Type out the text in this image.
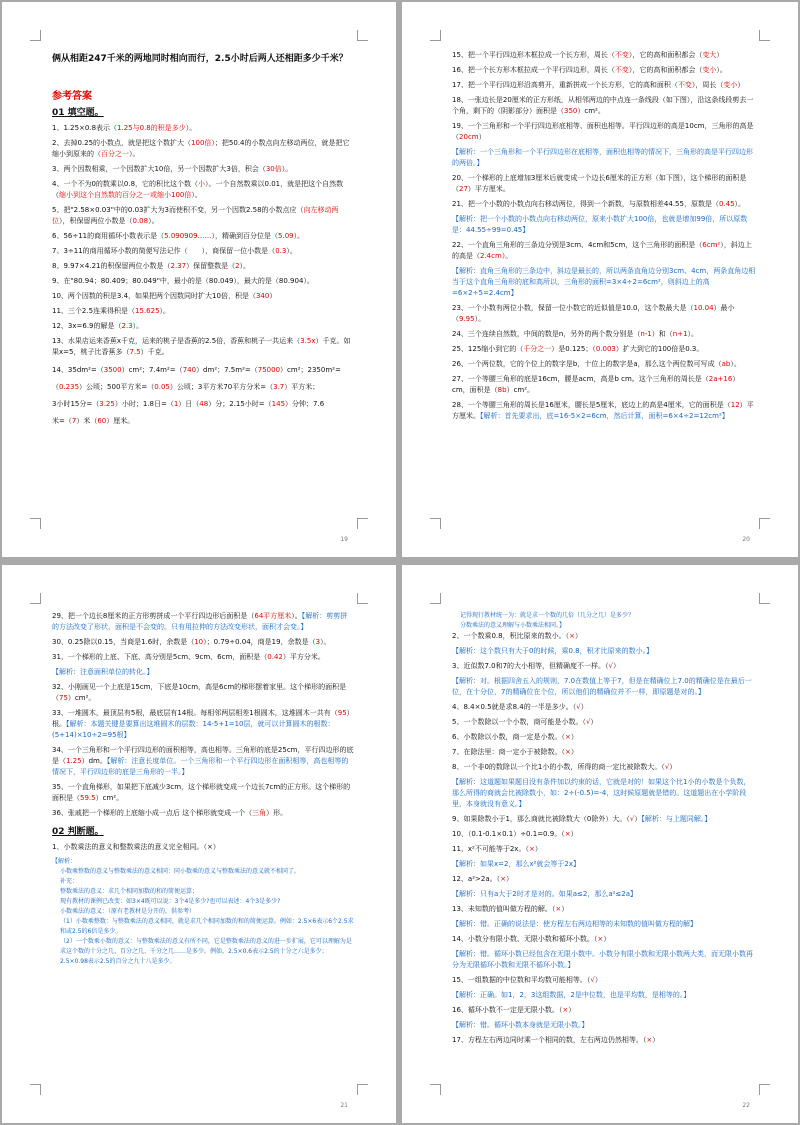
俩从相距247千米的两地同时相向而行，2.5小时后两人还相距多少千米？
参考答案
01 填空题。
1、1.25×0.8表示（1.25与0.8的积是多少）。
2、去掉0.25的小数点，就是把这个数扩大（100倍）；把50.4的小数点向左移动两位，就是把它缩小到原来的（百分之一）。
3、两个因数相乘，一个因数扩大10倍，另一个因数扩大3倍，积会（30倍）。
4、一个不为0的数乘以0.8，它的积比这个数（小）。一个自然数乘以0.01，就是把这个自然数（缩小到这个自然数的百分之一或缩小100倍）。
5、把"2.58×0.03"中的0.03扩大为3而使积不变，另一个因数2.58的小数点应（向左移动两位），积保留两位小数是（0.08）。
6、56÷11的商用循环小数表示是（5.090909……），精确到百分位是（5.09）。
7、3÷11的商用循环小数的简便写法记作（　　），商保留一位小数是（0.3）。
8、9.97×4.21的积保留两位小数是（2.37）保留整数是（2）。
9、在"80.94；80.409；80.049"中，最小的是（80.049），最大的是（80.904）。
10、两个因数的积是3.4，如果把两个因数同时扩大10倍，积是（340）
11、三个2.5连乘得积是（15.625）。
12、3x=6.9的解是（2.3）。
13、水果店运来香蕉x千克，运来的桃子是香蕉的2.5倍，香蕉和桃子一共运来（3.5x）千克。如果x=5，桃子比香蕉多（7.5）千克。
14、35dm²=（3500）cm²；7.4m²=（740）dm²；7.5m²=（75000）cm²；2350m²=
（0.235）公顷；500平方米=（0.05）公顷；3平方米70平方分米=（3.7）平方米；
3小时15分=（3.25）小时；1.8日=（1）日（48）分；2.15小时=（145）分钟；7.6
米=（7）米（60）厘米。
19
15、把一个平行四边形木框拉成一个长方形，周长（不变），它的高和面积都会（变大）
16、把一个长方形木框拉成一个平行四边形，周长（不变），它的高和面积都会（变小）。
17、把一个平行四边形沿高剪开，重新拼成一个长方形，它的高和面积（不变），周长（变小）
18、一张边长是20厘米的正方形纸，从相邻两边的中点连一条线段（如下图），沿这条线段剪去一个角，剩下的（阴影部分）面积是（350）cm²。
19、一个三角形和一个平行四边形底相等、面积也相等。平行四边形的高是10cm，三角形的高是（20cm）
【解析：一个三角形和一个平行四边形在底相等，面积也相等的情况下，三角形的高是平行四边形的两倍。】
20、一个梯形的上底增加3厘米后就变成一个边长6厘米的正方形（如下图），这个梯形的面积是（27）平方厘米。
21、把一个小数的小数点向右移动两位，得到一个新数，与原数相差44.55，原数是（0.45）。
【解析：把一个小数的小数点向右移动两位，原来小数扩大100倍，也就是增加99倍，所以原数是：44.55÷99=0.45】
22、一个直角三角形的三条边分别是3cm、4cm和5cm，这个三角形的面积是（6cm²），斜边上的高是（2.4cm）。
【解析：直角三角形的三条边中，斜边是最长的，所以两条直角边分别3cm、4cm，两条直角边相当于这个直角三角形的底和高所以，三角形的面积=3×4÷2=6cm²，则斜边上的高=6×2÷5=2.4cm】
23、一个小数有两位小数，保留一位小数它的近似值是10.0，这个数最大是（10.04）最小（9.95）。
24、三个连续自然数，中间的数是n，另外的两个数分别是（n-1）和（n+1）。
25、125缩小到它的（千分之一）是0.125；（0.003）扩大到它的100倍是0.3。
26、一个两位数，它的个位上的数字是b，十位上的数字是a，那么这个两位数可写成（ab）。
27、一个等腰三角形的底是16cm，腰是acm，高是b cm。这个三角形的周长是（2a+16）cm，面积是（8b）cm²。
28、一个等腰三角形的周长是16厘米，腰长是5厘米，底边上的高是4厘米，它的面积是（12）平方厘米。【解析：首先要求出，底=16-5×2=6cm，然后计算，面积=6×4÷2=12cm²】
20
29、把一个边长8厘米的正方形剪拼成一个平行四边形后面积是（64平方厘米）。【解析：剪剪拼的方法改变了形状，面积是不会变的。只有用拉伸的方法改变形状，面积才会变。】
30、0.25除以0.15，当商是1.6时，余数是（10）；0.79÷0.04，商是19，余数是（3）。
31、一个梯形的上底、下底、高分别是5cm、9cm、6cm，面积是（0.42）平方分米。
【解析：注意面积单位的转化。】
32、小刚画见一个上底是15cm，下底是10cm，高是6cm的梯形摆着家里。这个梯形的面积是（75）cm²。
33、一堆圆木，最顶层有5根，最底层有14根。每相邻两层相差1根圆木，这堆圆木一共有（95）根。【解析：本题关键是要算出这堆圆木的层数：14-5+1=10层，就可以计算圆木的根数：(5+14)×10÷2=95根】
34、一个三角形和一个平行四边形的面积相等，高也相等。三角形的底是25cm，平行四边形的底是（1.25）dm。【解析：注意长度单位。一个三角形和一个平行四边形在面积相等，高也相等的情况下，平行四边形的底是三角形的一半。】
35、一个直角梯形，如果把下底减少3cm，这个梯形就变成一个边长7cm的正方形。这个梯形的面积是（59.5）cm²。
36、张戚把一个梯形的上底缩小成一点后 这个梯形就变成一个（三角）形。
02 判断题。
1、小数乘法的意义和整数乘法的意义完全相同。（×）
【解析：
小数乘整数的意义与整数乘法的意义相同：同小数乘的意义与整数乘法的意义就不相同了。
补充：
整数乘法的意义：求几个相同加数的和的简便运算；
现有教材的课例已改变：如3×4既可以说：3个4是多少?也可以表述：4个3是多少?
小数乘法的意义：（原有老教材是分开的，供参考）
（1）小数乘整数：与整数乘法的意义相同，就是求几个相同加数的和的简便运算。例如：2.5×6表示6个2.5求和或2.5的6倍是多少。
（2）一个数乘小数的意义：与整数乘法的意义有所不同，它是整数乘法的意义的进一步扩展，它可以理解为是求这个数的十分之几、百分之几、千分之几……是多少。例如，2.5×0.6表示2.5的十分之六是多少；2.5×0.98表示2.5的百分之九十八是多少。
21
记得现行教材统一为：就是求一个数的几倍（几分之几）是多少？
分数乘法的意义理解与小数乘法相同。】
2、一个数乘0.8，积比原来的数小。（×）
【解析：这个数只有大于0的时候，乘0.8，积才比原来的数小。】
3、近似数7.0和7的大小相等，但精确度不一样。（√）
【解析：对。根据四舍五入的规则，7.0在数值上等于7，但是在精确位上7.0的精确位是在最后一位，在十分位，7的精确位在个位，所以他们的精确位并不一样，即原题是对的。】
4、8.4×0.5就是求8.4的一半是多少。（√）
5、一个数除以一个小数，商可能是小数。（√）
6、小数除以小数，商一定是小数。（×）
7、在除法里：商一定小于被除数。（×）
8、一个非0的数除以一个比1小的小数，所得的商一定比被除数大。（√）
【解析：这道题如果题目没有条件加以约束的话，它就是对的！如果这个比1小的小数是个负数，那么所得的商就会比被除数小，如：2÷(-0.5)=-4，这时候原题就是错的。这道题出在小学阶段里，本身就没有意义。】
9、如果除数小于1，那么商就比被除数大（0除外）大。（√）【解析：与上题同解。】
10、（0.1-0.1×0.1）÷0.1=0.9。（×）
11、x²不可能等于2x。（×）
【解析：如果x=2，那么x²就会等于2x】
12、a²>2a。（×）
【解析：只有a大于2时才是对的。如果a≤2，那么a²≤2a】
13、未知数的值叫做方程的解。（×）
【解析：错。正确的说法是：使方程左右两边相等的未知数的值叫做方程的解】
14、小数分有限小数、无限小数和循环小数。（×）
【解析：错。循环小数已经包含在无限小数中。小数分有限小数和无限小数两大类，而无限小数再分为无限循环小数和无限不循环小数。】
15、一组数据的中位数和平均数可能相等。（√）
【解析：正确。如1，2，3这组数据，2是中位数，也是平均数，是相等的。】
16、循环小数不一定是无限小数。（×）
【解析：错。循环小数本身就是无限小数。】
17、方程左右两边同时乘一个相同的数，左右两边仍然相等。（×）
22
